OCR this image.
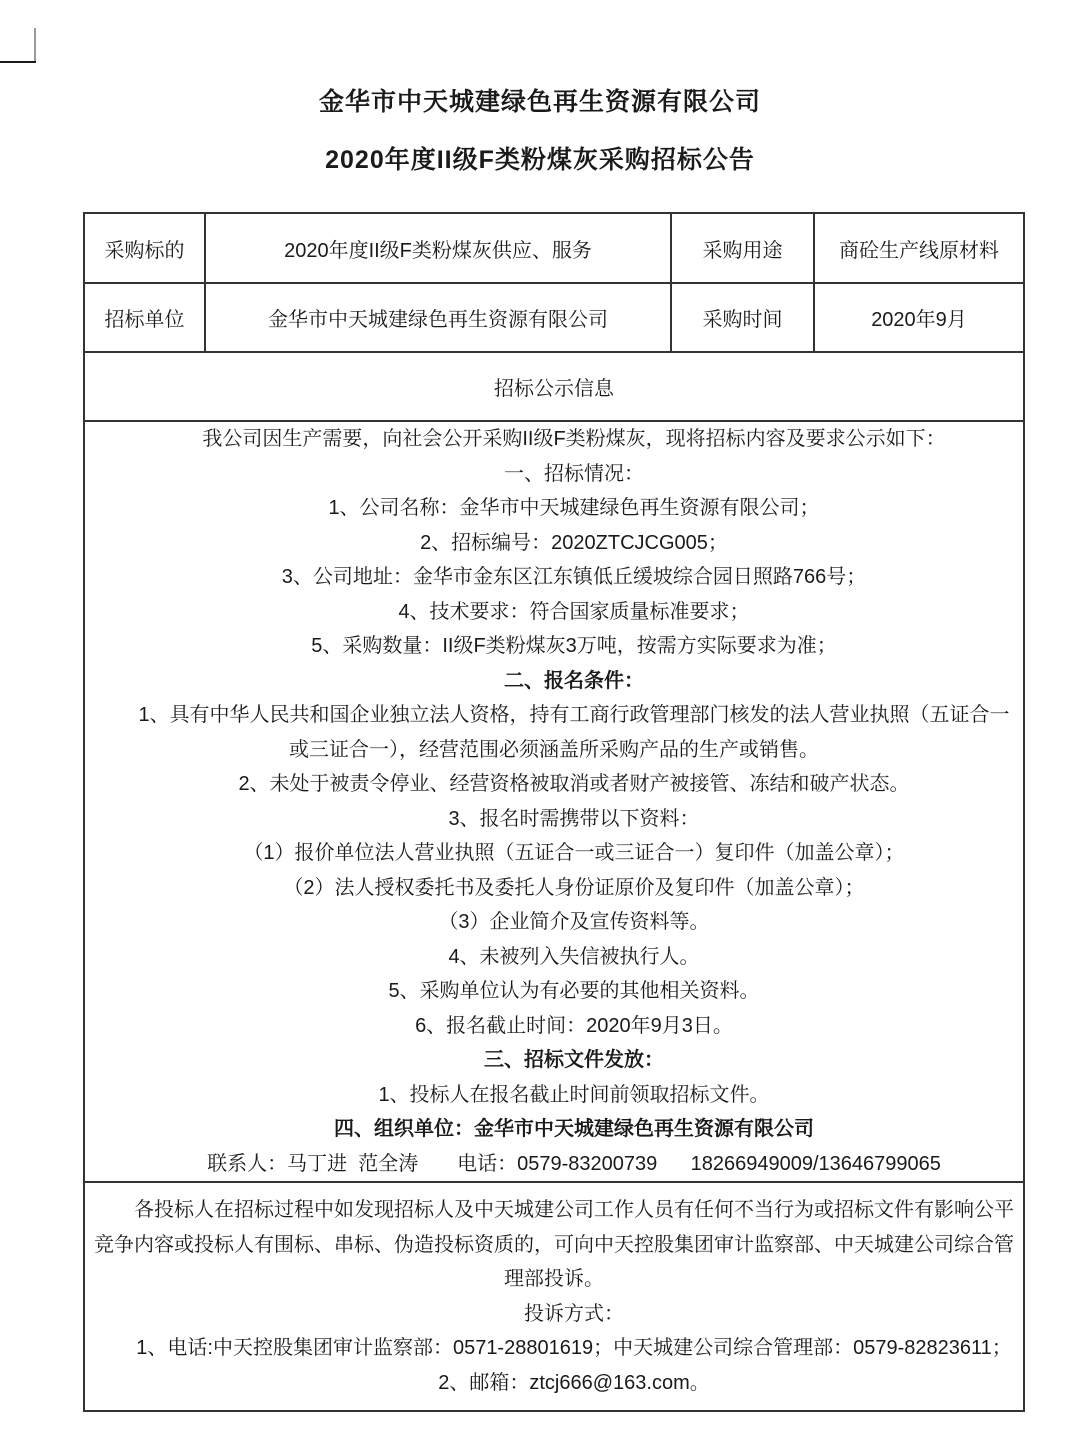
金华市中天城建绿色再生资源有限公司
2020年度II级F类粉煤灰采购招标公告
采购标的	2020年度II级F类粉煤灰供应、服务	采购用途	商砼生产线原材料
招标单位	金华市中天城建绿色再生资源有限公司	采购时间	2020年9月
招标公示信息			

我公司因生产需要，向社会公开采购II级F类粉煤灰，现将招标内容及要求公示如下：

一、招标情况：

1、公司名称：金华市中天城建绿色再生资源有限公司；

2、招标编号：2020ZTCJCG005；

3、公司地址：金华市金东区江东镇低丘缓坡综合园日照路766号；

4、技术要求：符合国家质量标准要求；

5、采购数量：II级F类粉煤灰3万吨，按需方实际要求为准；

二、报名条件：

1、具有中华人民共和国企业独立法人资格，持有工商行政管理部门核发的法人营业执照（五证合一或三证合一），经营范围必须涵盖所采购产品的生产或销售。

2、未处于被责令停业、经营资格被取消或者财产被接管、冻结和破产状态。

3、报名时需携带以下资料：

（1）报价单位法人营业执照（五证合一或三证合一）复印件（加盖公章）；

（2）法人授权委托书及委托人身份证原价及复印件（加盖公章）；

（3）企业简介及宣传资料等。

4、未被列入失信被执行人。

5、采购单位认为有必要的其他相关资料。

6、报名截止时间：2020年9月3日。

三、招标文件发放：

1、投标人在报名截止时间前领取招标文件。

四、组织单位：金华市中天城建绿色再生资源有限公司

联系人：马丁进  范全涛       电话：0579-83200739      18266949009/13646799065

各投标人在招标过程中如发现招标人及中天城建公司工作人员有任何不当行为或招标文件有影响公平竞争内容或投标人有围标、串标、伪造投标资质的，可向中天控股集团审计监察部、中天城建公司综合管理部投诉。

投诉方式：

1、电话:中天控股集团审计监察部：0571-28801619；中天城建公司综合管理部：0579-82823611；

2、邮箱：ztcj666@163.com。			
